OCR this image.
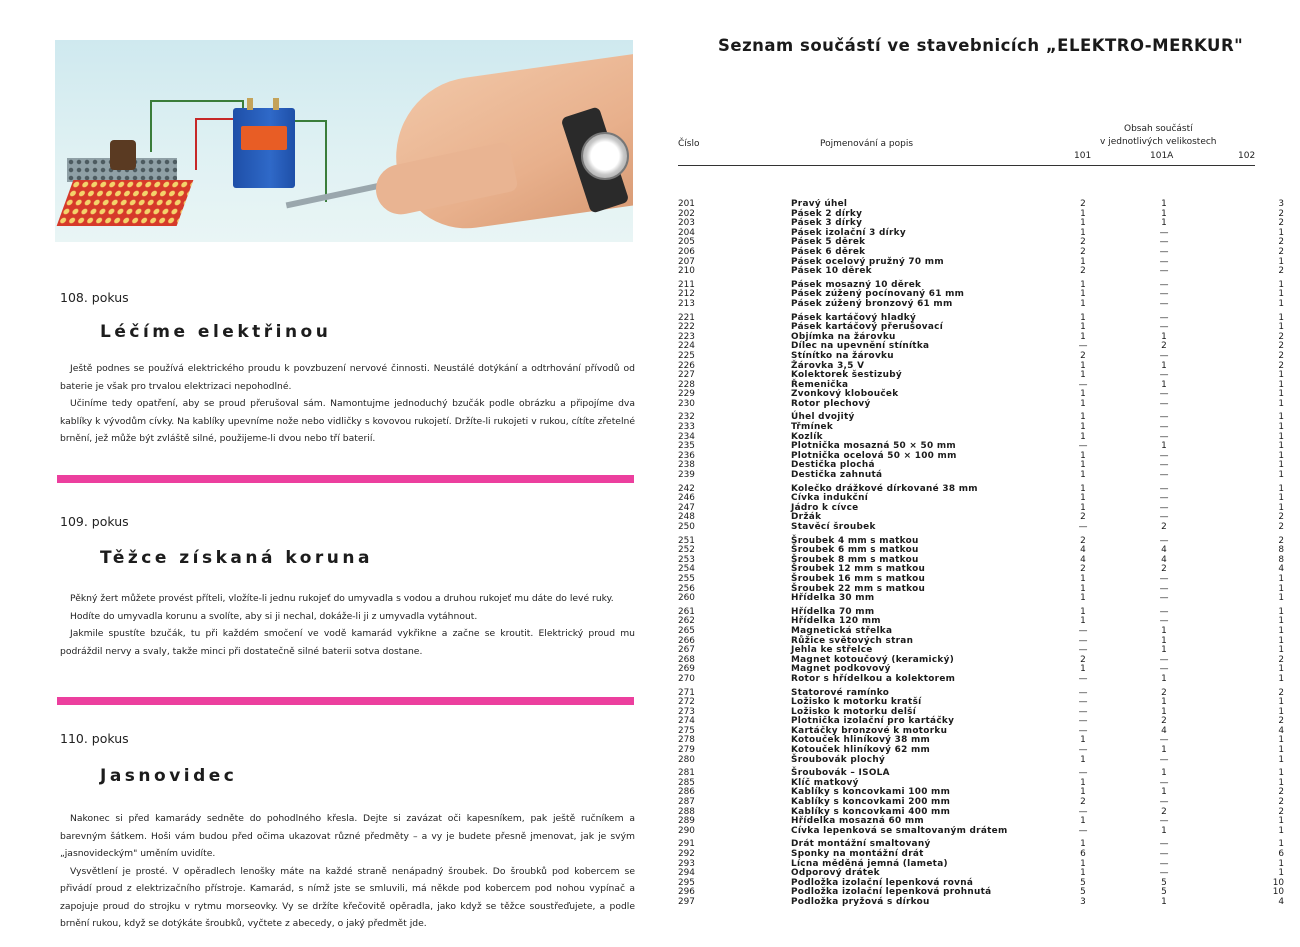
108. pokus
Léčíme elektřinou

Ještě podnes se používá elektrického proudu k povzbuzení nervové činnosti. Neustálé dotýkání a odtrhování přívodů od baterie je však pro trvalou elektrizaci nepohodlné.

Učiníme tedy opatření, aby se proud přerušoval sám. Namontujme jednoduchý bzučák podle obrázku a připojíme dva kablíky k vývodům cívky. Na kablíky upevníme nože nebo vidličky s kovovou rukojetí. Držíte-li rukojeti v rukou, cítíte zřetelné brnění, jež může být zvláště silné, použijeme-li dvou nebo tří baterií.

109. pokus
Těžce získaná koruna

Pěkný žert můžete provést příteli, vložíte-li jednu rukojeť do umyvadla s vodou a druhou rukojeť mu dáte do levé ruky.

Hodíte do umyvadla korunu a svolíte, aby si ji nechal, dokáže-li ji z umyvadla vytáhnout.

Jakmile spustíte bzučák, tu při každém smočení ve vodě kamarád vykřikne a začne se kroutit. Elektrický proud mu podráždil nervy a svaly, takže minci při dostatečně silné baterii sotva dostane.

110. pokus
Jasnovidec

Nakonec si před kamarády sedněte do pohodlného křesla. Dejte si zavázat oči kapesníkem, pak ještě ručníkem a barevným šátkem. Hoši vám budou před očima ukazovat různé předměty – a vy je budete přesně jmenovat, jak je svým „jasnovideckým" uměním uvidíte.

Vysvětlení je prosté. V opěradlech lenošky máte na každé straně nenápadný šroubek. Do šroubků pod kobercem se přivádí proud z elektrizačního přístroje. Kamarád, s nímž jste se smluvili, má někde pod kobercem pod nohou vypínač a zapojuje proud do strojku v rytmu morseovky. Vy se držíte křečovitě opěradla, jako když se těžce soustřeďujete, a podle brnění rukou, když se dotýkáte šroubků, vyčtete z abecedy, o jaký předmět jde.

Seznam součástí ve stavebnicích „ELEKTRO-MERKUR"
Číslo	Pojmenování a popis
Obsah součástí
v jednotlivých velikostech
101	101A	102
201	Pravý úhel	2	1	3
202	Pásek 2 dírky	1	1	2
203	Pásek 3 dírky	1	1	2
204	Pásek izolační 3 dírky	1	—	1
205	Pásek 5 děrek	2	—	2
206	Pásek 6 děrek	2	—	2
207	Pásek ocelový pružný 70 mm	1	—	1
210	Pásek 10 děrek	2	—	2
211	Pásek mosazný 10 děrek	1	—	1
212	Pásek zúžený pocínovaný 61 mm	1	—	1
213	Pásek zúžený bronzový 61 mm	1	—	1
221	Pásek kartáčový hladký	1	—	1
222	Pásek kartáčový přerušovací	1	—	1
223	Objímka na žárovku	1	1	2
224	Dílec na upevnění stínítka	—	2	2
225	Stínítko na žárovku	2	—	2
226	Žárovka 3,5 V	1	1	2
227	Kolektorek šestizubý	1	—	1
228	Řemenička	—	1	1
229	Zvonkový klobouček	1	—	1
230	Rotor plechový	1	—	1
232	Úhel dvojitý	1	—	1
233	Třmínek	1	—	1
234	Kozlík	1	—	1
235	Plotnička mosazná 50 × 50 mm	—	1	1
236	Plotnička ocelová 50 × 100 mm	1	—	1
238	Destička plochá	1	—	1
239	Destička zahnutá	1	—	1
242	Kolečko drážkové dírkované 38 mm	1	—	1
246	Cívka indukční	1	—	1
247	Jádro k cívce	1	—	1
248	Držák	2	—	2
250	Stavěcí šroubek	—	2	2
251	Šroubek 4 mm s matkou	2	—	2
252	Šroubek 6 mm s matkou	4	4	8
253	Šroubek 8 mm s matkou	4	4	8
254	Šroubek 12 mm s matkou	2	2	4
255	Šroubek 16 mm s matkou	1	—	1
256	Šroubek 22 mm s matkou	1	—	1
260	Hřídelka 30 mm	1	—	1
261	Hřídelka 70 mm	1	—	1
262	Hřídelka 120 mm	1	—	1
265	Magnetická střelka	—	1	1
266	Růžice světových stran	—	1	1
267	Jehla ke střelce	—	1	1
268	Magnet kotoučový (keramický)	2	—	2
269	Magnet podkovový	1	—	1
270	Rotor s hřídelkou a kolektorem	—	1	1
271	Statorové ramínko	—	2	2
272	Ložisko k motorku kratší	—	1	1
273	Ložisko k motorku delší	—	1	1
274	Plotnička izolační pro kartáčky	—	2	2
275	Kartáčky bronzové k motorku	—	4	4
278	Kotouček hliníkový 38 mm	1	—	1
279	Kotouček hliníkový 62 mm	—	1	1
280	Šroubovák plochý	1	—	1
281	Šroubovák – ISOLA	—	1	1
285	Klíč matkový	1	—	1
286	Kablíky s koncovkami 100 mm	1	1	2
287	Kablíky s koncovkami 200 mm	2	—	2
288	Kablíky s koncovkami 400 mm	—	2	2
289	Hřídelka mosazná 60 mm	1	—	1
290	Cívka lepenková se smaltovaným drátem	—	1	1
291	Drát montážní smaltovaný	1	—	1
292	Sponky na montážní drát	6	—	6
293	Lícna měděná jemná (lameta)	1	—	1
294	Odporový drátek	1	—	1
295	Podložka izolační lepenková rovná	5	5	10
296	Podložka izolační lepenková prohnutá	5	5	10
297	Podložka pryžová s dírkou	3	1	4
